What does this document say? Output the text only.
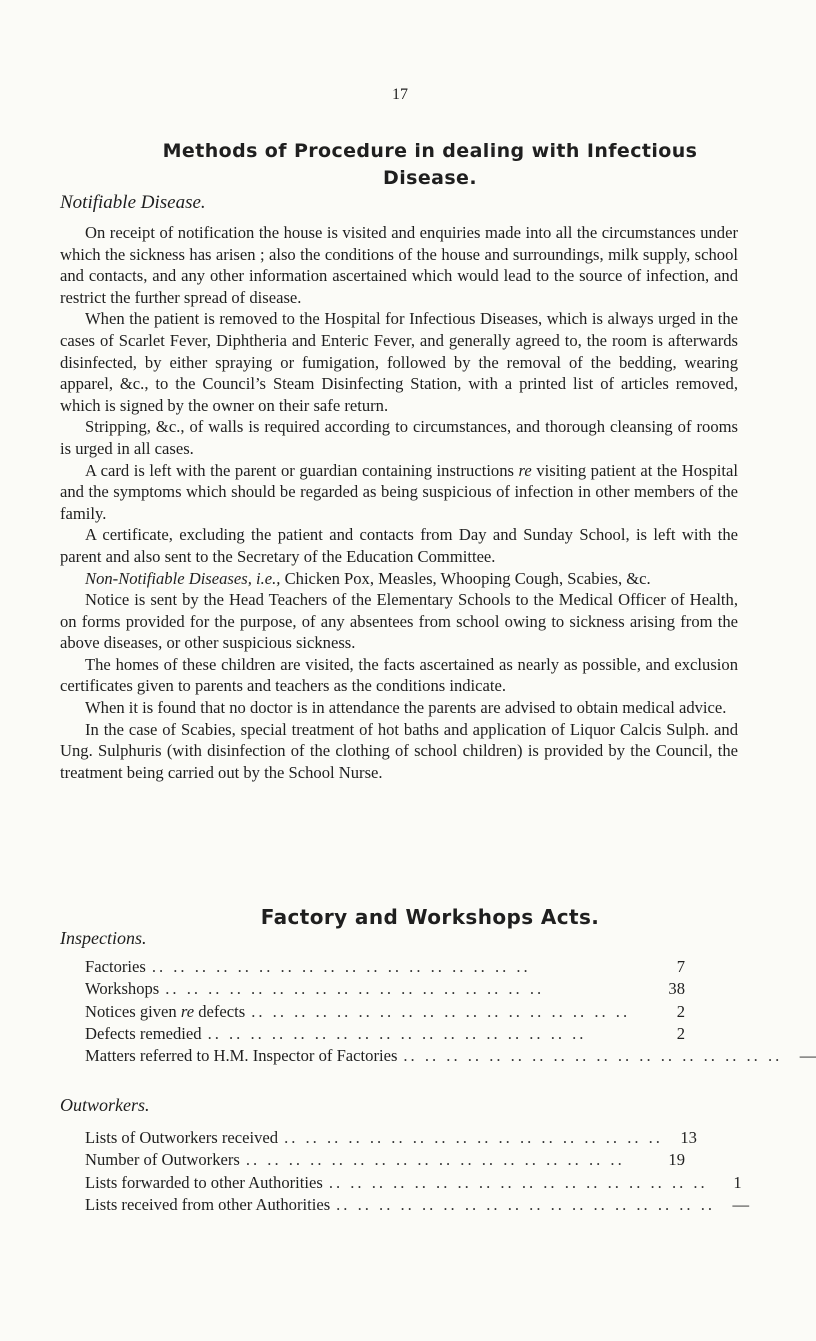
17
Methods of Procedure in dealing with Infectious
Disease.
Notifiable Disease.

On receipt of notification the house is visited and enquiries made into all the circumstances under which the sickness has arisen ; also the conditions of the house and surroundings, milk supply, school and contacts, and any other information ascertained which would lead to the source of infection, and restrict the further spread of disease.

When the patient is removed to the Hospital for Infectious Diseases, which is always urged in the cases of Scarlet Fever, Diphtheria and Enteric Fever, and generally agreed to, the room is afterwards disinfected, by either spraying or fumigation, followed by the removal of the bedding, wearing apparel, &c., to the Council’s Steam Disinfecting Station, with a printed list of articles removed, which is signed by the owner on their safe return.

Stripping, &c., of walls is required according to circumstances, and thorough cleansing of rooms is urged in all cases.

A card is left with the parent or guardian containing instructions re visiting patient at the Hospital and the symptoms which should be regarded as being suspicious of infection in other members of the family.

A certificate, excluding the patient and contacts from Day and Sunday School, is left with the parent and also sent to the Secretary of the Education Committee.

Non-Notifiable Diseases, i.e., Chicken Pox, Measles, Whooping Cough, Scabies, &c.

Notice is sent by the Head Teachers of the Elementary Schools to the Medical Officer of Health, on forms provided for the purpose, of any absentees from school owing to sickness arising from the above diseases, or other suspicious sickness.

The homes of these children are visited, the facts ascertained as nearly as possible, and exclusion certificates given to parents and teachers as the conditions indicate.

When it is found that no doctor is in attendance the parents are advised to obtain medical advice.

In the case of Scabies, special treatment of hot baths and application of Liquor Calcis Sulph. and Ung. Sulphuris (with disinfection of the clothing of school children) is provided by the Council, the treatment being carried out by the School Nurse.

Factory and Workshops Acts.
Inspections.
Factories .. .. .. .. .. .. .. .. .. .. .. .. .. .. .. .. .. ..	7
Workshops .. .. .. .. .. .. .. .. .. .. .. .. .. .. .. .. .. ..	38
Notices given re defects .. .. .. .. .. .. .. .. .. .. .. .. .. .. .. .. .. ..	2
Defects remedied .. .. .. .. .. .. .. .. .. .. .. .. .. .. .. .. .. ..	2
Matters referred to H.M. Inspector of Factories .. .. .. .. .. .. .. .. .. .. .. .. .. .. .. .. .. ..	—
Outworkers.
Lists of Outworkers received .. .. .. .. .. .. .. .. .. .. .. .. .. .. .. .. .. ..	13
Number of Outworkers .. .. .. .. .. .. .. .. .. .. .. .. .. .. .. .. .. ..	19
Lists forwarded to other Authorities .. .. .. .. .. .. .. .. .. .. .. .. .. .. .. .. .. ..	1
Lists received from other Authorities .. .. .. .. .. .. .. .. .. .. .. .. .. .. .. .. .. ..	—
